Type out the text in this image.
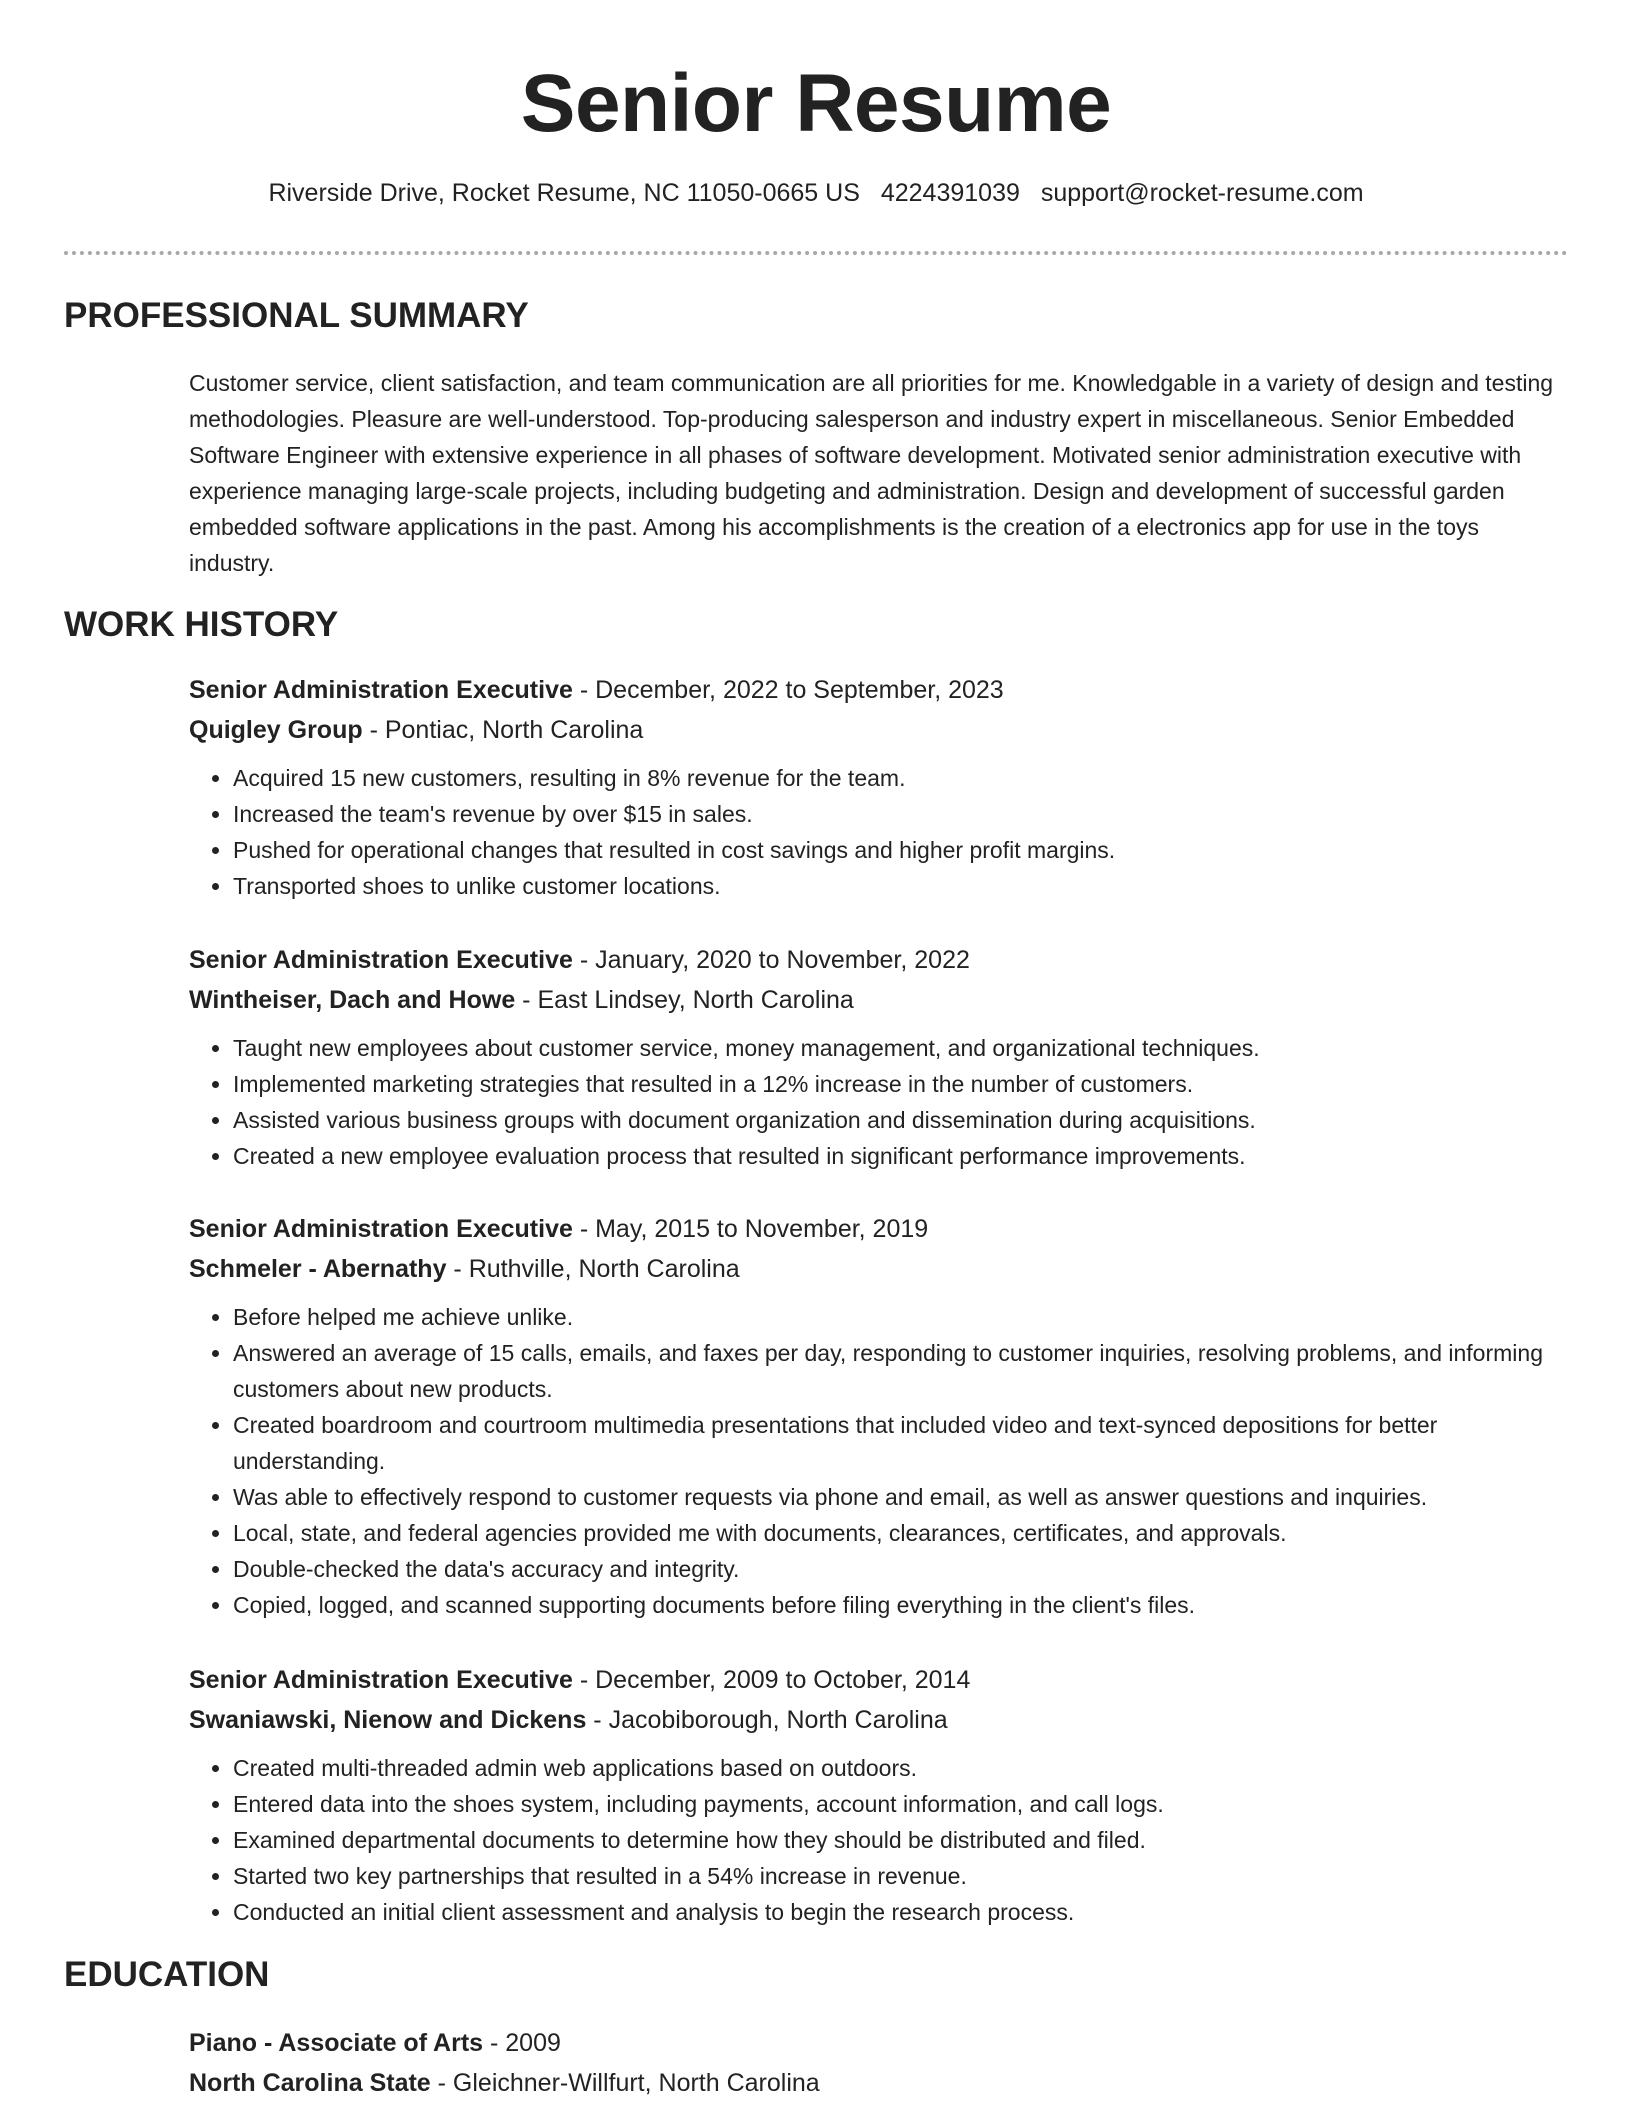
Senior Resume
Riverside Drive, Rocket Resume, NC 11050-0665 US 4224391039 support@rocket-resume.com
PROFESSIONAL SUMMARY

Customer service, client satisfaction, and team communication are all priorities for me. Knowledgable in a variety of design and testing methodologies. Pleasure are well-understood. Top-producing salesperson and industry expert in miscellaneous. Senior Embedded Software Engineer with extensive experience in all phases of software development. Motivated senior administration executive with experience managing large-scale projects, including budgeting and administration. Design and development of successful garden embedded software applications in the past. Among his accomplishments is the creation of a electronics app for use in the toys industry.

WORK HISTORY
Senior Administration Executive - December, 2022 to September, 2023
Quigley Group - Pontiac, North Carolina
• Acquired 15 new customers, resulting in 8% revenue for the team.
• Increased the team's revenue by over $15 in sales.
• Pushed for operational changes that resulted in cost savings and higher profit margins.
• Transported shoes to unlike customer locations.
Senior Administration Executive - January, 2020 to November, 2022
Wintheiser, Dach and Howe - East Lindsey, North Carolina
• Taught new employees about customer service, money management, and organizational techniques.
• Implemented marketing strategies that resulted in a 12% increase in the number of customers.
• Assisted various business groups with document organization and dissemination during acquisitions.
• Created a new employee evaluation process that resulted in significant performance improvements.
Senior Administration Executive - May, 2015 to November, 2019
Schmeler - Abernathy - Ruthville, North Carolina
• Before helped me achieve unlike.
• Answered an average of 15 calls, emails, and faxes per day, responding to customer inquiries, resolving problems, and informing customers about new products.
• Created boardroom and courtroom multimedia presentations that included video and text-synced depositions for better understanding.
• Was able to effectively respond to customer requests via phone and email, as well as answer questions and inquiries.
• Local, state, and federal agencies provided me with documents, clearances, certificates, and approvals.
• Double-checked the data's accuracy and integrity.
• Copied, logged, and scanned supporting documents before filing everything in the client's files.
Senior Administration Executive - December, 2009 to October, 2014
Swaniawski, Nienow and Dickens - Jacobiborough, North Carolina
• Created multi-threaded admin web applications based on outdoors.
• Entered data into the shoes system, including payments, account information, and call logs.
• Examined departmental documents to determine how they should be distributed and filed.
• Started two key partnerships that resulted in a 54% increase in revenue.
• Conducted an initial client assessment and analysis to begin the research process.
EDUCATION
Piano - Associate of Arts - 2009
North Carolina State - Gleichner-Willfurt, North Carolina
